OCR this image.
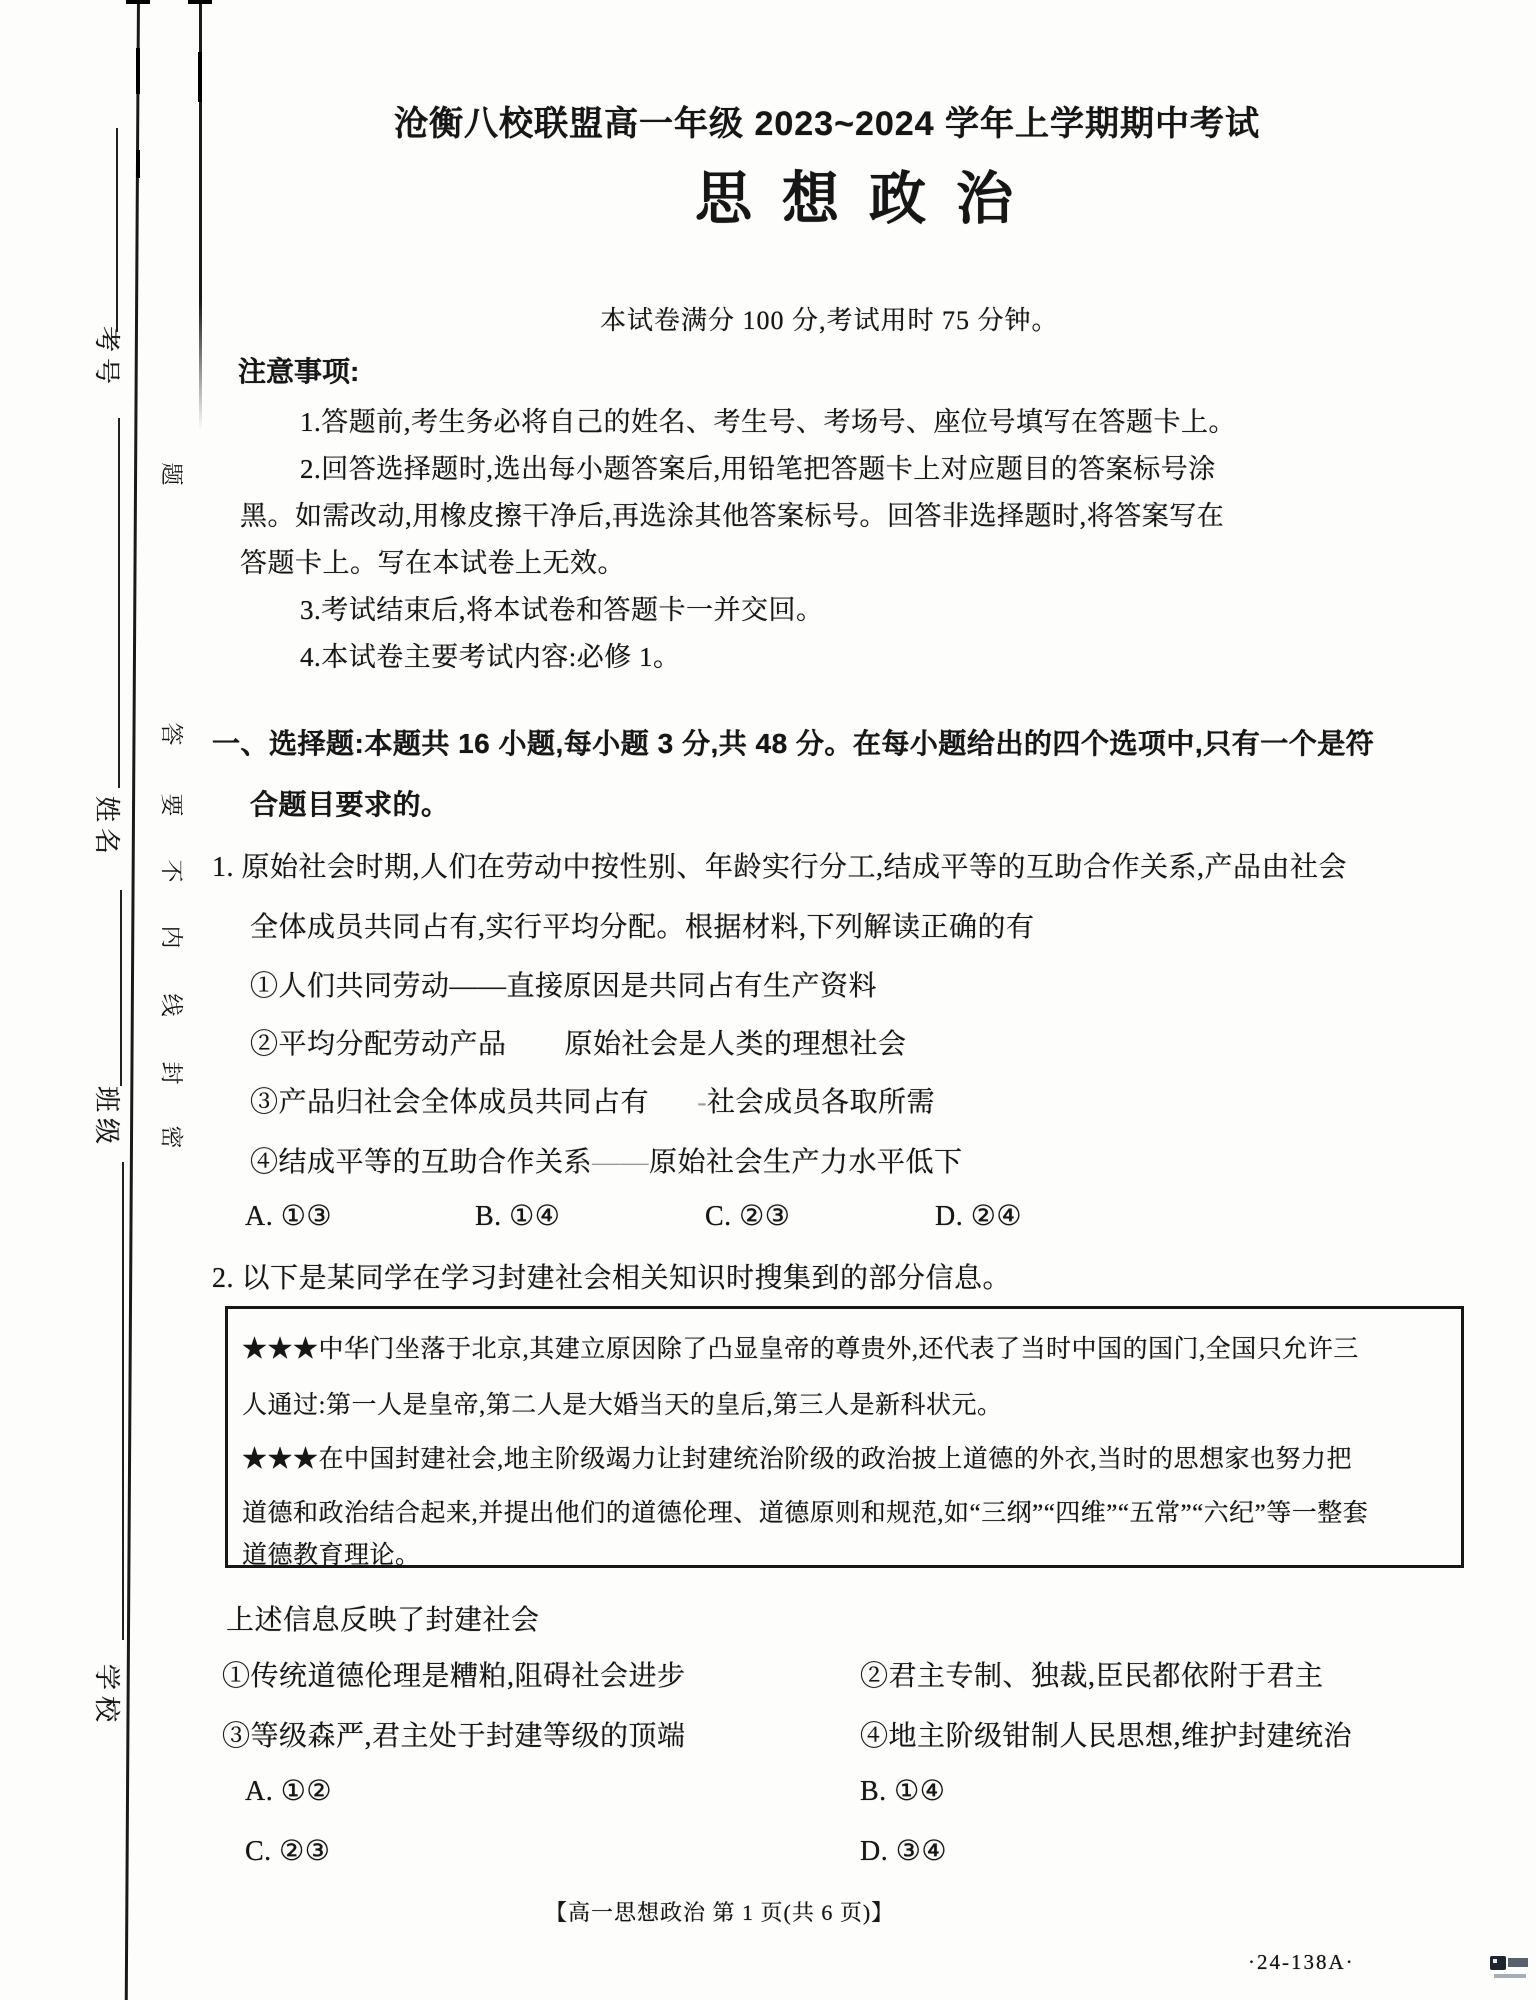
考号
姓名
班级
学校
题
答
要
不
内
线
封
密
沧衡八校联盟高一年级 2023~2024 学年上学期期中考试
思想政治
本试卷满分 100 分,考试用时 75 分钟。
注意事项:
1.答题前,考生务必将自己的姓名、考生号、考场号、座位号填写在答题卡上。
2.回答选择题时,选出每小题答案后,用铅笔把答题卡上对应题目的答案标号涂
黑。如需改动,用橡皮擦干净后,再选涂其他答案标号。回答非选择题时,将答案写在
答题卡上。写在本试卷上无效。
3.考试结束后,将本试卷和答题卡一并交回。
4.本试卷主要考试内容:必修 1。
一、选择题:本题共 16 小题,每小题 3 分,共 48 分。在每小题给出的四个选项中,只有一个是符
合题目要求的。
1. 原始社会时期,人们在劳动中按性别、年龄实行分工,结成平等的互助合作关系,产品由社会
全体成员共同占有,实行平均分配。根据材料,下列解读正确的有
①人们共同劳动——直接原因是共同占有生产资料
②平均分配劳动产品 原始社会是人类的理想社会
③产品归社会全体成员共同占有 -社会成员各取所需
④结成平等的互助合作关系——原始社会生产力水平低下
A. ①③	B. ①④	C. ②③	D. ②④
2. 以下是某同学在学习封建社会相关知识时搜集到的部分信息。
★★★中华门坐落于北京,其建立原因除了凸显皇帝的尊贵外,还代表了当时中国的国门,全国只允许三
人通过:第一人是皇帝,第二人是大婚当天的皇后,第三人是新科状元。
★★★在中国封建社会,地主阶级竭力让封建统治阶级的政治披上道德的外衣,当时的思想家也努力把
道德和政治结合起来,并提出他们的道德伦理、道德原则和规范,如“三纲”“四维”“五常”“六纪”等一整套
道德教育理论。
上述信息反映了封建社会
①传统道德伦理是糟粕,阻碍社会进步	②君主专制、独裁,臣民都依附于君主
③等级森严,君主处于封建等级的顶端	④地主阶级钳制人民思想,维护封建统治
A. ①②	B. ①④
C. ②③	D. ③④
【高一思想政治 第 1 页(共 6 页)】
·24-138A·
